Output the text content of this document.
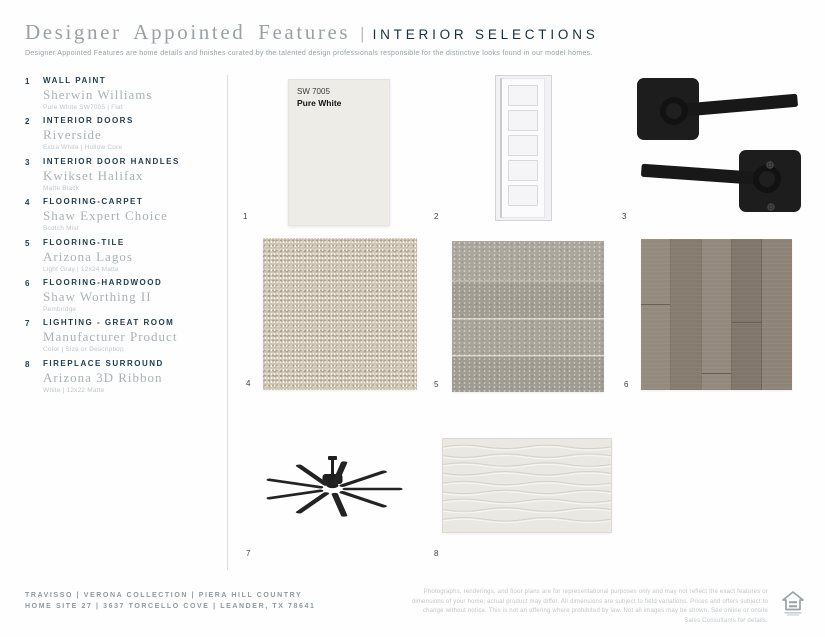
Designer Appointed Features | INTERIOR SELECTIONS

Designer Appointed Features are home details and finishes curated by the talented design professionals responsible for the distinctive looks found in our model homes.

1	WALL PAINT
Sherwin Williams
Pure White SW7005 | Flat
2	INTERIOR DOORS
Riverside
Extra White | Hollow Core
3	INTERIOR DOOR HANDLES
Kwikset Halifax
Matte Black
4	FLOORING-CARPET
Shaw Expert Choice
Scotch Mist
5	FLOORING-TILE
Arizona Lagos
Light Gray | 12x24 Matte
6	FLOORING-HARDWOOD
Shaw Worthing II
Pembridge
7	LIGHTING - GREAT ROOM
Manufacturer Product
Color | Size or Description
8	FIREPLACE SURROUND
Arizona 3D Ribbon
White | 12x22 Matte
SW 7005
Pure White
1	2	3
4	5	6
7	8
TRAVISSO | VERONA COLLECTION | PIERA HILL COUNTRY
HOME SITE 27 | 3637 TORCELLO COVE | LEANDER, TX 78641
Photographs, renderings, and floor plans are for representational purposes only and may not reflect the exact features or dimensions of your home; actual product may differ. All dimensions are subject to field variations. Prices and offers subject to change without notice. This is not an offering where prohibited by law. Not all images may be shown. See online or onsite Sales Consultants for details.
